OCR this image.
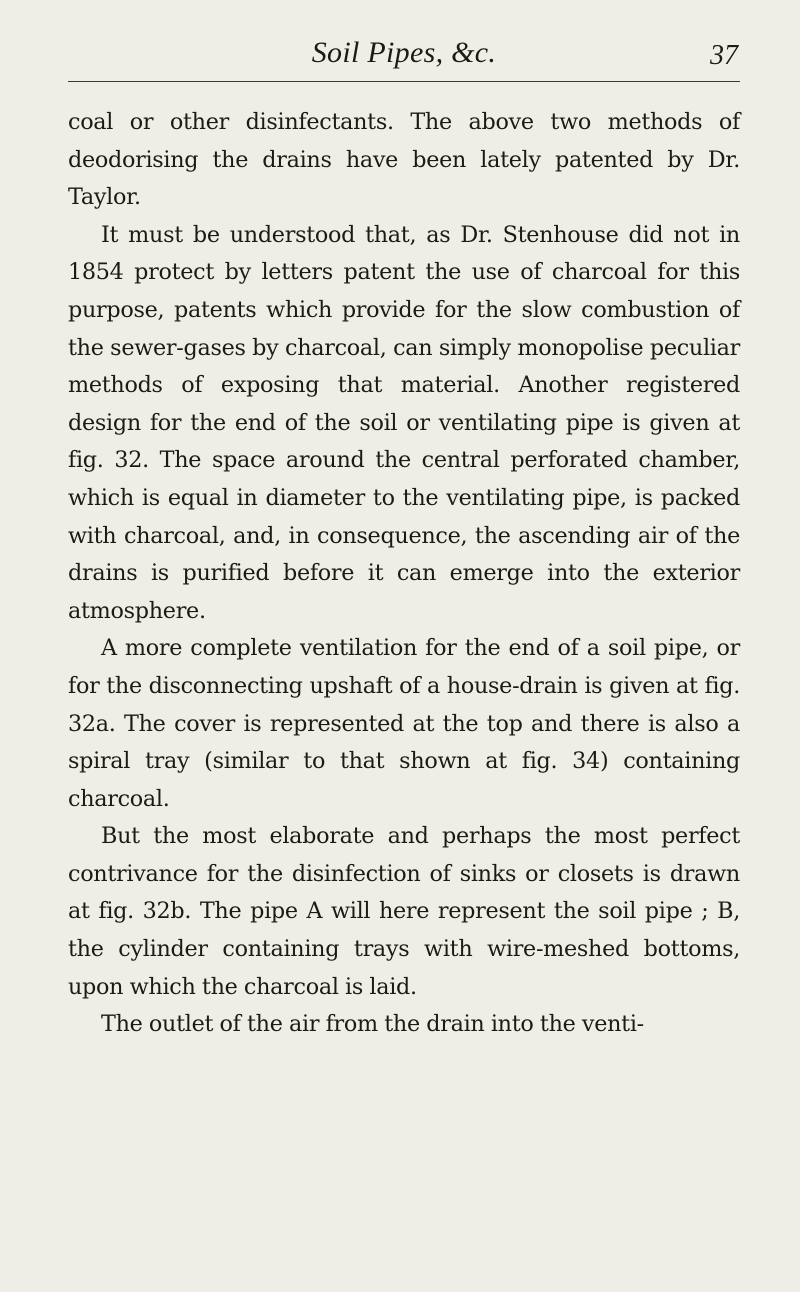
Soil Pipes, &c.	37

coal or other disinfectants. The above two methods of deodorising the drains have been lately patented by Dr. Taylor.

It must be understood that, as Dr. Stenhouse did not in 1854 protect by letters patent the use of charcoal for this purpose, patents which provide for the slow combustion of the sewer-gases by charcoal, can simply monopolise peculiar methods of exposing that material. Another registered design for the end of the soil or ventilating pipe is given at fig. 32. The space around the central perforated chamber, which is equal in diameter to the ventilating pipe, is packed with charcoal, and, in consequence, the ascending air of the drains is purified before it can emerge into the exterior atmosphere.

A more complete ventilation for the end of a soil pipe, or for the disconnecting upshaft of a house-drain is given at fig. 32a. The cover is represented at the top and there is also a spiral tray (similar to that shown at fig. 34) containing charcoal.

But the most elaborate and perhaps the most perfect contrivance for the disinfection of sinks or closets is drawn at fig. 32b. The pipe A will here represent the soil pipe ; B, the cylinder containing trays with wire-meshed bottoms, upon which the charcoal is laid.

The outlet of the air from the drain into the venti-
